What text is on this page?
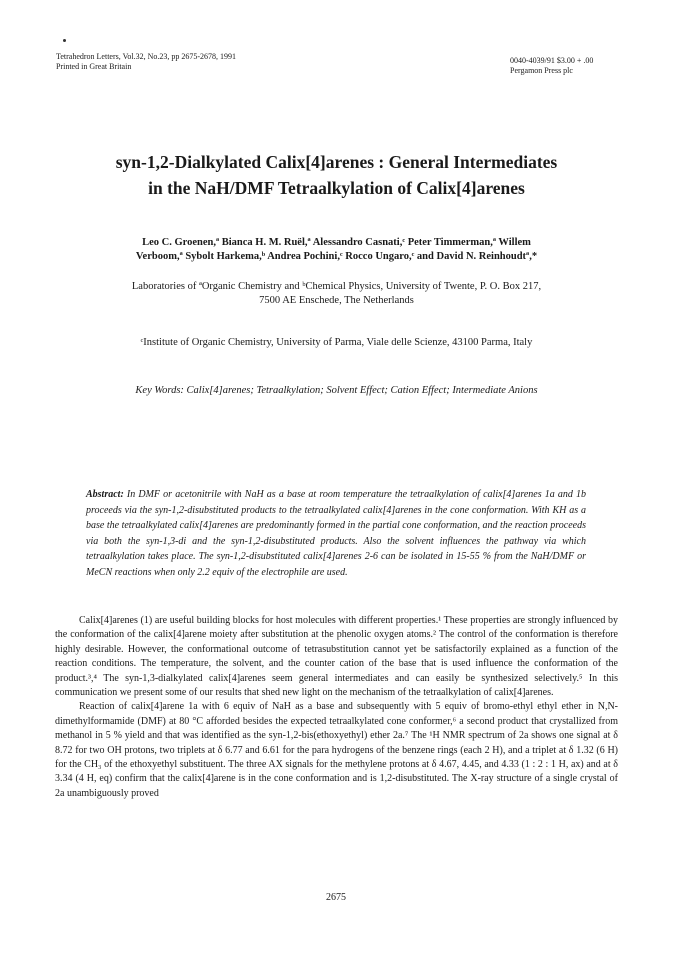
Tetrahedron Letters, Vol.32, No.23, pp 2675-2678, 1991
Printed in Great Britain
0040-4039/91 $3.00 + .00
Pergamon Press plc
syn-1,2-Dialkylated Calix[4]arenes : General Intermediates
in the NaH/DMF Tetraalkylation of Calix[4]arenes
Leo C. Groenen,ª Bianca H. M. Ruël,ª Alessandro Casnati,ᶜ Peter Timmerman,ª Willem
Verboom,ª Sybolt Harkema,ᵇ Andrea Pochini,ᶜ Rocco Ungaro,ᶜ and David N. Reinhoudtª,*
Laboratories of ªOrganic Chemistry and ᵇChemical Physics, University of Twente, P. O. Box 217,
7500 AE Enschede, The Netherlands
ᶜInstitute of Organic Chemistry, University of Parma, Viale delle Scienze, 43100 Parma, Italy
Key Words: Calix[4]arenes; Tetraalkylation; Solvent Effect; Cation Effect; Intermediate Anions
Abstract: In DMF or acetonitrile with NaH as a base at room temperature the tetraalkylation of calix[4]arenes 1a and 1b proceeds via the syn-1,2-disubstituted products to the tetraalkylated calix[4]arenes in the cone conformation. With KH as a base the tetraalkylated calix[4]arenes are predominantly formed in the partial cone conformation, and the reaction proceeds via both the syn-1,3-di and the syn-1,2-disubstituted products. Also the solvent influences the pathway via which tetraalkylation takes place. The syn-1,2-disubstituted calix[4]arenes 2-6 can be isolated in 15-55 % from the NaH/DMF or MeCN reactions when only 2.2 equiv of the electrophile are used.

Calix[4]arenes (1) are useful building blocks for host molecules with different properties.¹ These properties are strongly influenced by the conformation of the calix[4]arene moiety after substitution at the phenolic oxygen atoms.² The control of the conformation is therefore highly desirable. However, the conformational outcome of tetrasubstitution cannot yet be satisfactorily explained as a function of the reaction conditions. The temperature, the solvent, and the counter cation of the base that is used influence the conformation of the product.³,⁴ The syn-1,3-dialkylated calix[4]arenes seem general intermediates and can easily be synthesized selectively.⁵ In this communication we present some of our results that shed new light on the mechanism of the tetraalkylation of calix[4]arenes.

Reaction of calix[4]arene 1a with 6 equiv of NaH as a base and subsequently with 5 equiv of bromo-ethyl ethyl ether in N,N-dimethylformamide (DMF) at 80 °C afforded besides the expected tetraalkylated cone conformer,⁶ a second product that crystallized from methanol in 5 % yield and that was identified as the syn-1,2-bis(ethoxyethyl) ether 2a.⁷ The ¹H NMR spectrum of 2a shows one signal at δ 8.72 for two OH protons, two triplets at δ 6.77 and 6.61 for the para hydrogens of the benzene rings (each 2 H), and a triplet at δ 1.32 (6 H) for the CH₃ of the ethoxyethyl substituent. The three AX signals for the methylene protons at δ 4.67, 4.45, and 4.33 (1 : 2 : 1 H, ax) and at δ 3.34 (4 H, eq) confirm that the calix[4]arene is in the cone conformation and is 1,2-disubstituted. The X-ray structure of a single crystal of 2a unambiguously proved

2675
